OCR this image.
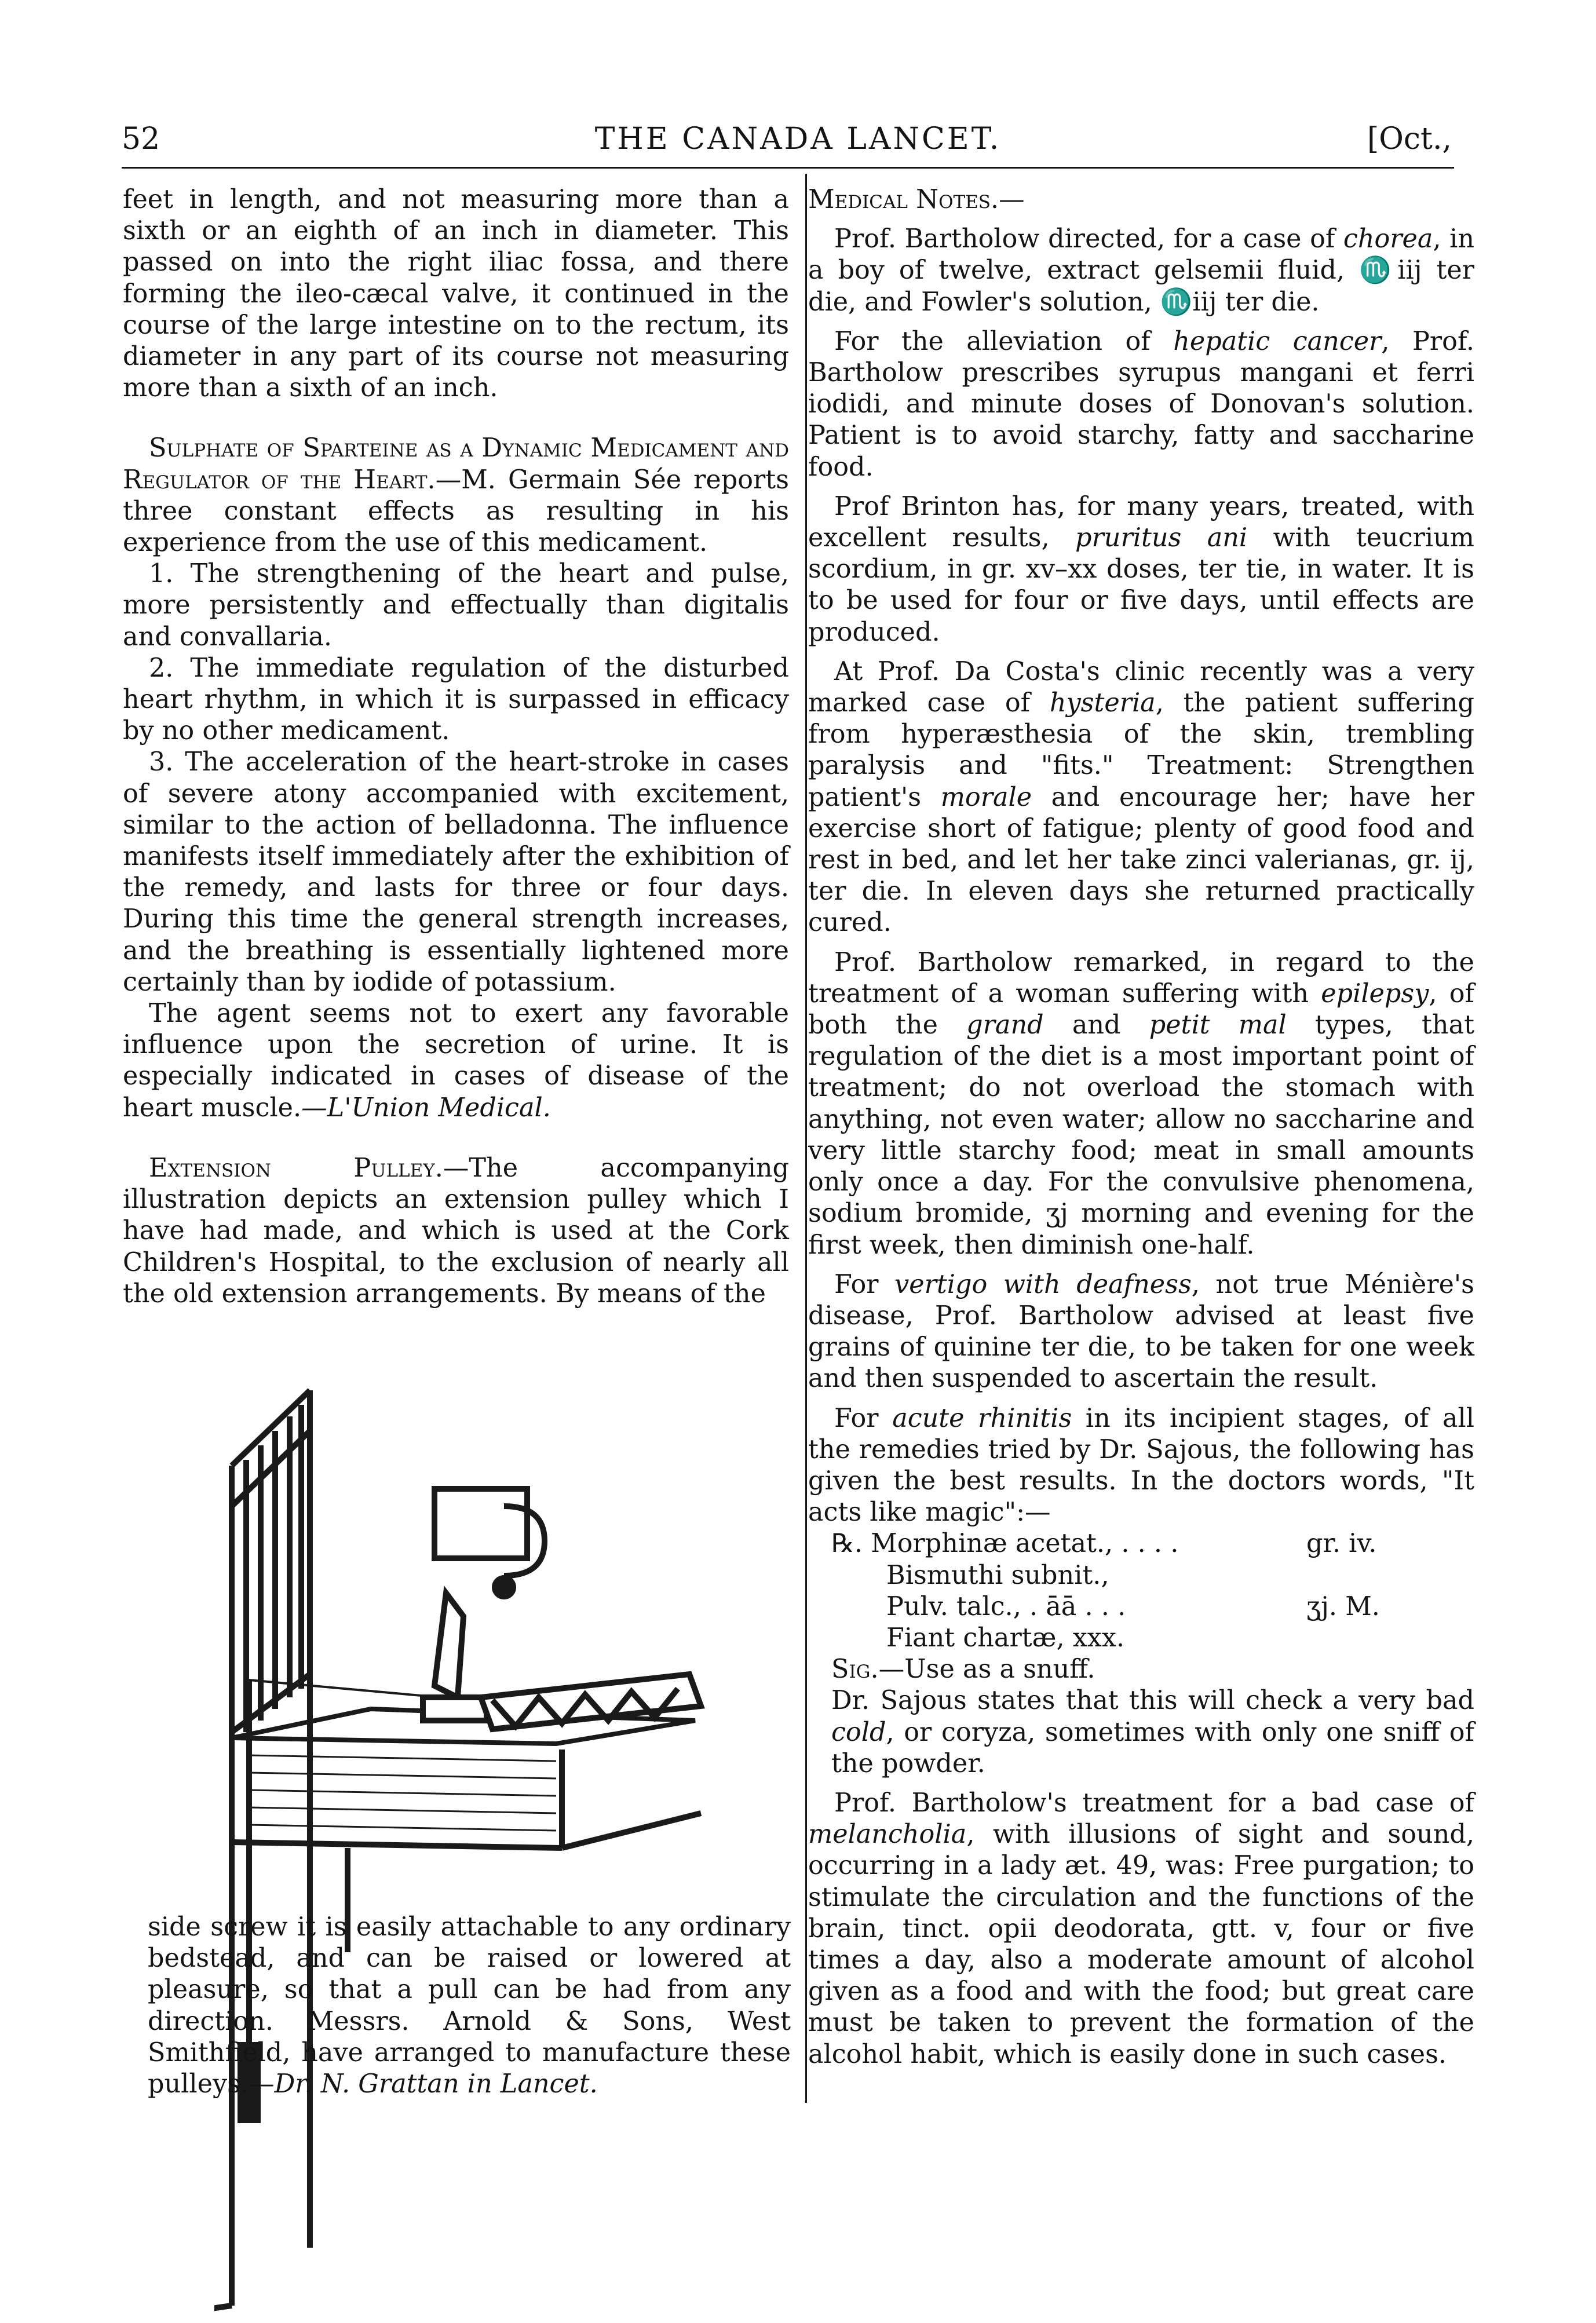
52	THE CANADA LANCET.	[Oct.,

feet in length, and not measuring more than a sixth or an eighth of an inch in diameter. This passed on into the right iliac fossa, and there forming the ileo-cæcal valve, it continued in the course of the large intestine on to the rectum, its diameter in any part of its course not measuring more than a sixth of an inch.

Sulphate of Sparteine as a Dynamic Medicament and Regulator of the Heart.—M. Germain Sée reports three constant effects as resulting in his experience from the use of this medicament.

1. The strengthening of the heart and pulse, more persistently and effectually than digitalis and convallaria.

2. The immediate regulation of the disturbed heart rhythm, in which it is surpassed in efficacy by no other medicament.

3. The acceleration of the heart-stroke in cases of severe atony accompanied with excitement, similar to the action of belladonna. The influence manifests itself immediately after the exhibition of the remedy, and lasts for three or four days. During this time the general strength increases, and the breathing is essentially lightened more certainly than by iodide of potassium.

The agent seems not to exert any favorable influence upon the secretion of urine. It is especially indicated in cases of disease of the heart muscle.—L'Union Medical.

Extension Pulley.—The accompanying illustration depicts an extension pulley which I have had made, and which is used at the Cork Children's Hospital, to the exclusion of nearly all the old extension arrangements. By means of the

side screw it is easily attachable to any ordinary bedstead, and can be raised or lowered at pleasure, so that a pull can be had from any direction. Messrs. Arnold & Sons, West Smithfield, have arranged to manufacture these pulleys.—Dr. N. Grattan in Lancet.

Medical Notes.—

Prof. Bartholow directed, for a case of chorea, in a boy of twelve, extract gelsemii fluid, ♏iij ter die, and Fowler's solution, ♏iij ter die.

For the alleviation of hepatic cancer, Prof. Bartholow prescribes syrupus mangani et ferri iodidi, and minute doses of Donovan's solution. Patient is to avoid starchy, fatty and saccharine food.

Prof Brinton has, for many years, treated, with excellent results, pruritus ani with teucrium scordium, in gr. xv–xx doses, ter tie, in water. It is to be used for four or five days, until effects are produced.

At Prof. Da Costa's clinic recently was a very marked case of hysteria, the patient suffering from hyperæsthesia of the skin, trembling paralysis and "fits." Treatment: Strengthen patient's morale and encourage her; have her exercise short of fatigue; plenty of good food and rest in bed, and let her take zinci valerianas, gr. ij, ter die. In eleven days she returned practically cured.

Prof. Bartholow remarked, in regard to the treatment of a woman suffering with epilepsy, of both the grand and petit mal types, that regulation of the diet is a most important point of treatment; do not overload the stomach with anything, not even water; allow no saccharine and very little starchy food; meat in small amounts only once a day. For the convulsive phenomena, sodium bromide, ʒj morning and evening for the first week, then diminish one-half.

For vertigo with deafness, not true Ménière's disease, Prof. Bartholow advised at least five grains of quinine ter die, to be taken for one week and then suspended to ascertain the result.

For acute rhinitis in its incipient stages, of all the remedies tried by Dr. Sajous, the following has given the best results. In the doctors words, "It acts like magic":—

℞. Morphinæ acetat., . . . .	gr. iv.
Bismuthi subnit.,
Pulv. talc., . āā . . .	ʒj. M.
Fiant chartæ, xxx.

Sig.—Use as a snuff.

Dr. Sajous states that this will check a very bad cold, or coryza, sometimes with only one sniff of the powder.

Prof. Bartholow's treatment for a bad case of melancholia, with illusions of sight and sound, occurring in a lady æt. 49, was: Free purgation; to stimulate the circulation and the functions of the brain, tinct. opii deodorata, gtt. v, four or five times a day, also a moderate amount of alcohol given as a food and with the food; but great care must be taken to prevent the formation of the alcohol habit, which is easily done in such cases.
